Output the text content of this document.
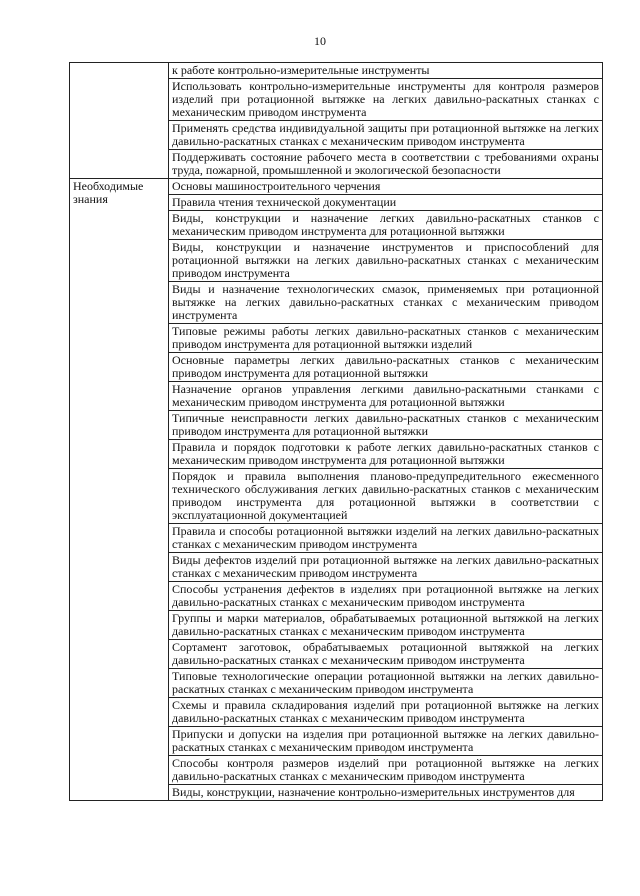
10
	к работе контрольно-измерительные инструменты
	Использовать контрольно-измерительные инструменты для контроля размеров изделий при ротационной вытяжке на легких давильно-раскатных станках с механическим приводом инструмента
	Применять средства индивидуальной защиты при ротационной вытяжке на легких давильно-раскатных станках с механическим приводом инструмента
	Поддерживать состояние рабочего места в соответствии с требованиями охраны труда, пожарной, промышленной и экологической безопасности
Необходимые знания	Основы машиностроительного черчения
	Правила чтения технической документации
	Виды, конструкции и назначение легких давильно-раскатных станков с механическим приводом инструмента для ротационной вытяжки
	Виды, конструкции и назначение инструментов и приспособлений для ротационной вытяжки на легких давильно-раскатных станках с механическим приводом инструмента
	Виды и назначение технологических смазок, применяемых при ротационной вытяжке на легких давильно-раскатных станках с механическим приводом инструмента
	Типовые режимы работы легких давильно-раскатных станков с механическим приводом инструмента для ротационной вытяжки изделий
	Основные параметры легких давильно-раскатных станков с механическим приводом инструмента для ротационной вытяжки
	Назначение органов управления легкими давильно-раскатными станками с механическим приводом инструмента для ротационной вытяжки
	Типичные неисправности легких давильно-раскатных станков с механическим приводом инструмента для ротационной вытяжки
	Правила и порядок подготовки к работе легких давильно-раскатных станков с механическим приводом инструмента для ротационной вытяжки
	Порядок и правила выполнения планово-предупредительного ежесменного технического обслуживания легких давильно-раскатных станков с механическим приводом инструмента для ротационной вытяжки в соответствии с эксплуатационной документацией
	Правила и способы ротационной вытяжки изделий на легких давильно-раскатных станках с механическим приводом инструмента
	Виды дефектов изделий при ротационной вытяжке на легких давильно-раскатных станках с механическим приводом инструмента
	Способы устранения дефектов в изделиях при ротационной вытяжке на легких давильно-раскатных станках с механическим приводом инструмента
	Группы и марки материалов, обрабатываемых ротационной вытяжкой на легких давильно-раскатных станках с механическим приводом инструмента
	Сортамент заготовок, обрабатываемых ротационной вытяжкой на легких давильно-раскатных станках с механическим приводом инструмента
	Типовые технологические операции ротационной вытяжки на легких давильно-раскатных станках с механическим приводом инструмента
	Схемы и правила складирования изделий при ротационной вытяжке на легких давильно-раскатных станках с механическим приводом инструмента
	Припуски и допуски на изделия при ротационной вытяжке на легких давильно-раскатных станках с механическим приводом инструмента
	Способы контроля размеров изделий при ротационной вытяжке на легких давильно-раскатных станках с механическим приводом инструмента
	Виды, конструкции, назначение контрольно-измерительных инструментов для
